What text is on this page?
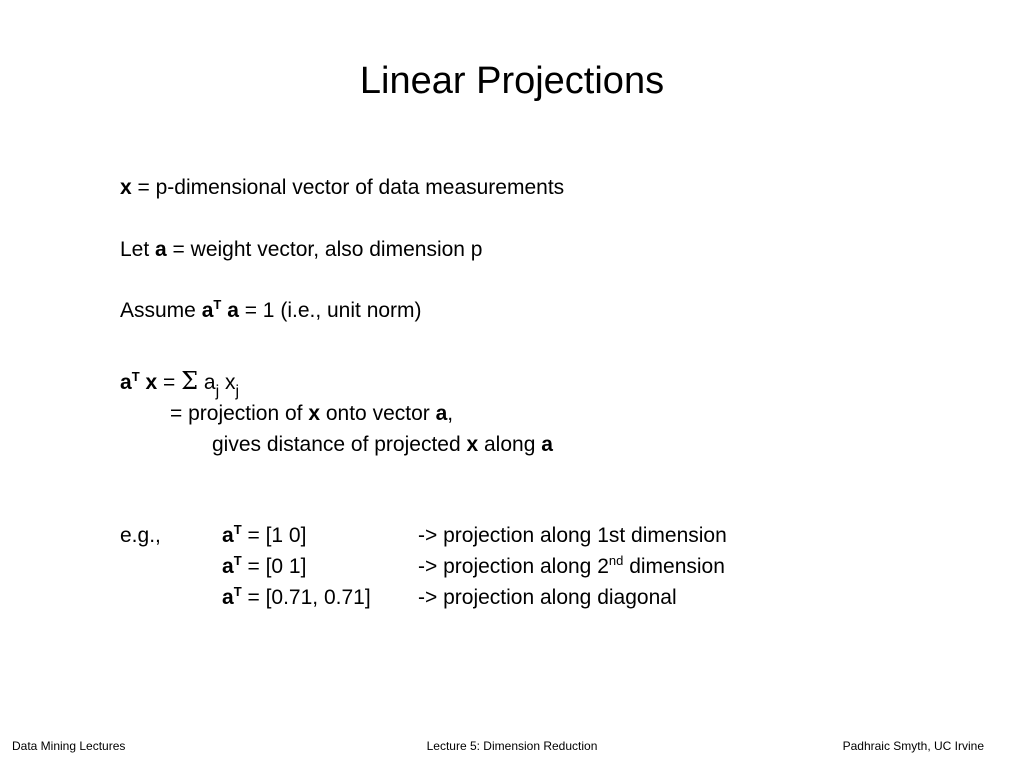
Linear Projections
x = p-dimensional vector of data measurements
Let a = weight vector, also dimension p
Assume $a^T$ a = 1 (i.e., unit norm)
$a^T$ x = Σ $a_j$ $x_j$
= projection of x onto vector a,
gives distance of projected x along a
e.g.,	$a^T = [1$ 0]	-> projection along 1st dimension
$a^T = [0$ 1]	-> projection along 2nd dimension
$a^T = [0.71$, 0.71] -> projection along diagonal
Data Mining Lectures	Lecture 5: Dimension Reduction	Padhraic Smyth, UC Irvine
